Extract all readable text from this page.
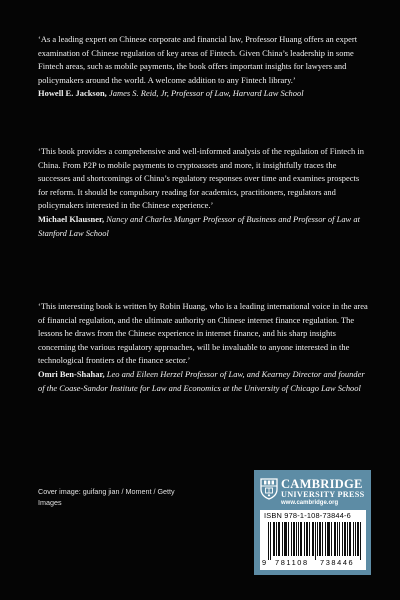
‘As a leading expert on Chinese corporate and financial law, Professor Huang offers an expert examination of Chinese regulation of key areas of Fintech. Given China’s leadership in some Fintech areas, such as mobile payments, the book offers important insights for lawyers and policymakers around the world. A welcome addition to any Fintech library.’

Howell E. Jackson, James S. Reid, Jr, Professor of Law, Harvard Law School

‘This book provides a comprehensive and well-informed analysis of the regulation of Fintech in China. From P2P to mobile payments to cryptoassets and more, it insightfully traces the successes and shortcomings of China’s regulatory responses over time and examines prospects for reform. It should be compulsory reading for academics, practitioners, regulators and policymakers interested in the Chinese experience.’

Michael Klausner, Nancy and Charles Munger Professor of Business and Professor of Law at Stanford Law School

‘This interesting book is written by Robin Huang, who is a leading international voice in the area of financial regulation, and the ultimate authority on Chinese internet finance regulation. The lessons he draws from the Chinese experience in internet finance, and his sharp insights concerning the various regulatory approaches, will be invaluable to anyone interested in the technological frontiers of the finance sector.’

Omri Ben-Shahar, Leo and Eileen Herzel Professor of Law, and Kearney Director and founder of the Coase-Sandor Institute for Law and Economics at the University of Chicago Law School

Cover image: guifang jian / Moment / Getty Images
CAMBRIDGE
UNIVERSITY PRESS
www.cambridge.org
ISBN 978-1-108-73844-6
9 781108 738446
